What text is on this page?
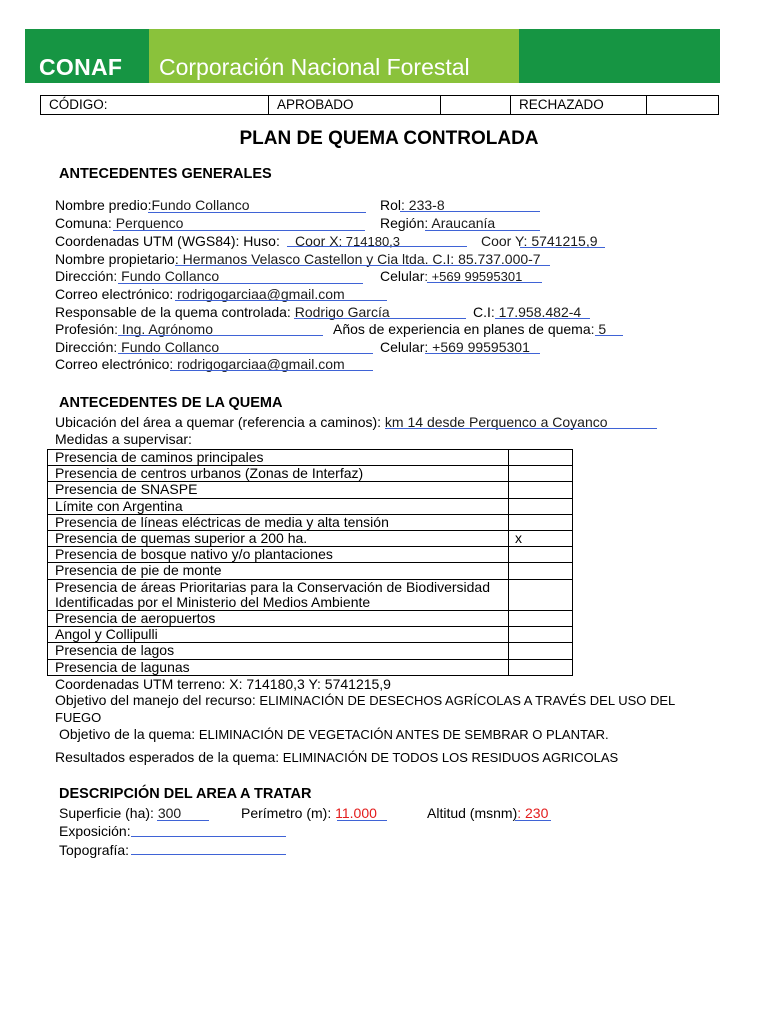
CONAF Corporación Nacional Forestal
CÓDIGO:	APROBADO	RECHAZADO
PLAN DE QUEMA CONTROLADA
ANTECEDENTES GENERALES
Nombre predio:Fundo Collanco	Rol: 233-8
Comuna: Perquenco	Región: Araucanía
Coordenadas UTM (WGS84): Huso: Coor X: 714180,3	Coor Y: 5741215,9
Nombre propietario: Hermanos Velasco Castellon y Cia ltda. C.I: 85.737.000-7
Dirección: Fundo Collanco	Celular: +569 99595301
Correo electrónico: rodrigogarciaa@gmail.com
Responsable de la quema controlada: Rodrigo García	C.I: 17.958.482-4
Profesión: Ing. Agrónomo	Años de experiencia en planes de quema: 5
Dirección: Fundo Collanco	Celular: +569 99595301
Correo electrónico: rodrigogarciaa@gmail.com
ANTECEDENTES DE LA QUEMA
Ubicación del área a quemar (referencia a caminos): km 14 desde Perquenco a Coyanco
Medidas a supervisar:
Presencia de caminos principales	

Presencia de centros urbanos (Zonas de Interfaz)	

Presencia de SNASPE	

Límite con Argentina	

Presencia de líneas eléctricas de media y alta tensión	

Presencia de quemas superior a 200 ha.	x

Presencia de bosque nativo y/o plantaciones	

Presencia de pie de monte	

Presencia de áreas Prioritarias para la Conservación de Biodiversidad
Identificadas por el Ministerio del Medios Ambiente	

Presencia de aeropuertos	

Angol y Collipulli	

Presencia de lagos	

Presencia de lagunas	

Coordenadas UTM terreno: X: 714180,3 Y: 5741215,9
Objetivo del manejo del recurso: ELIMINACIÓN DE DESECHOS AGRÍCOLAS A TRAVÉS DEL USO DEL
FUEGO
Objetivo de la quema: ELIMINACIÓN DE VEGETACIÓN ANTES DE SEMBRAR O PLANTAR.
Resultados esperados de la quema: ELIMINACIÓN DE TODOS LOS RESIDUOS AGRICOLAS
DESCRIPCIÓN DEL AREA A TRATAR
Superficie (ha): 300	Perímetro (m): 11.000	Altitud (msnm): 230
Exposición:
Topografía:
